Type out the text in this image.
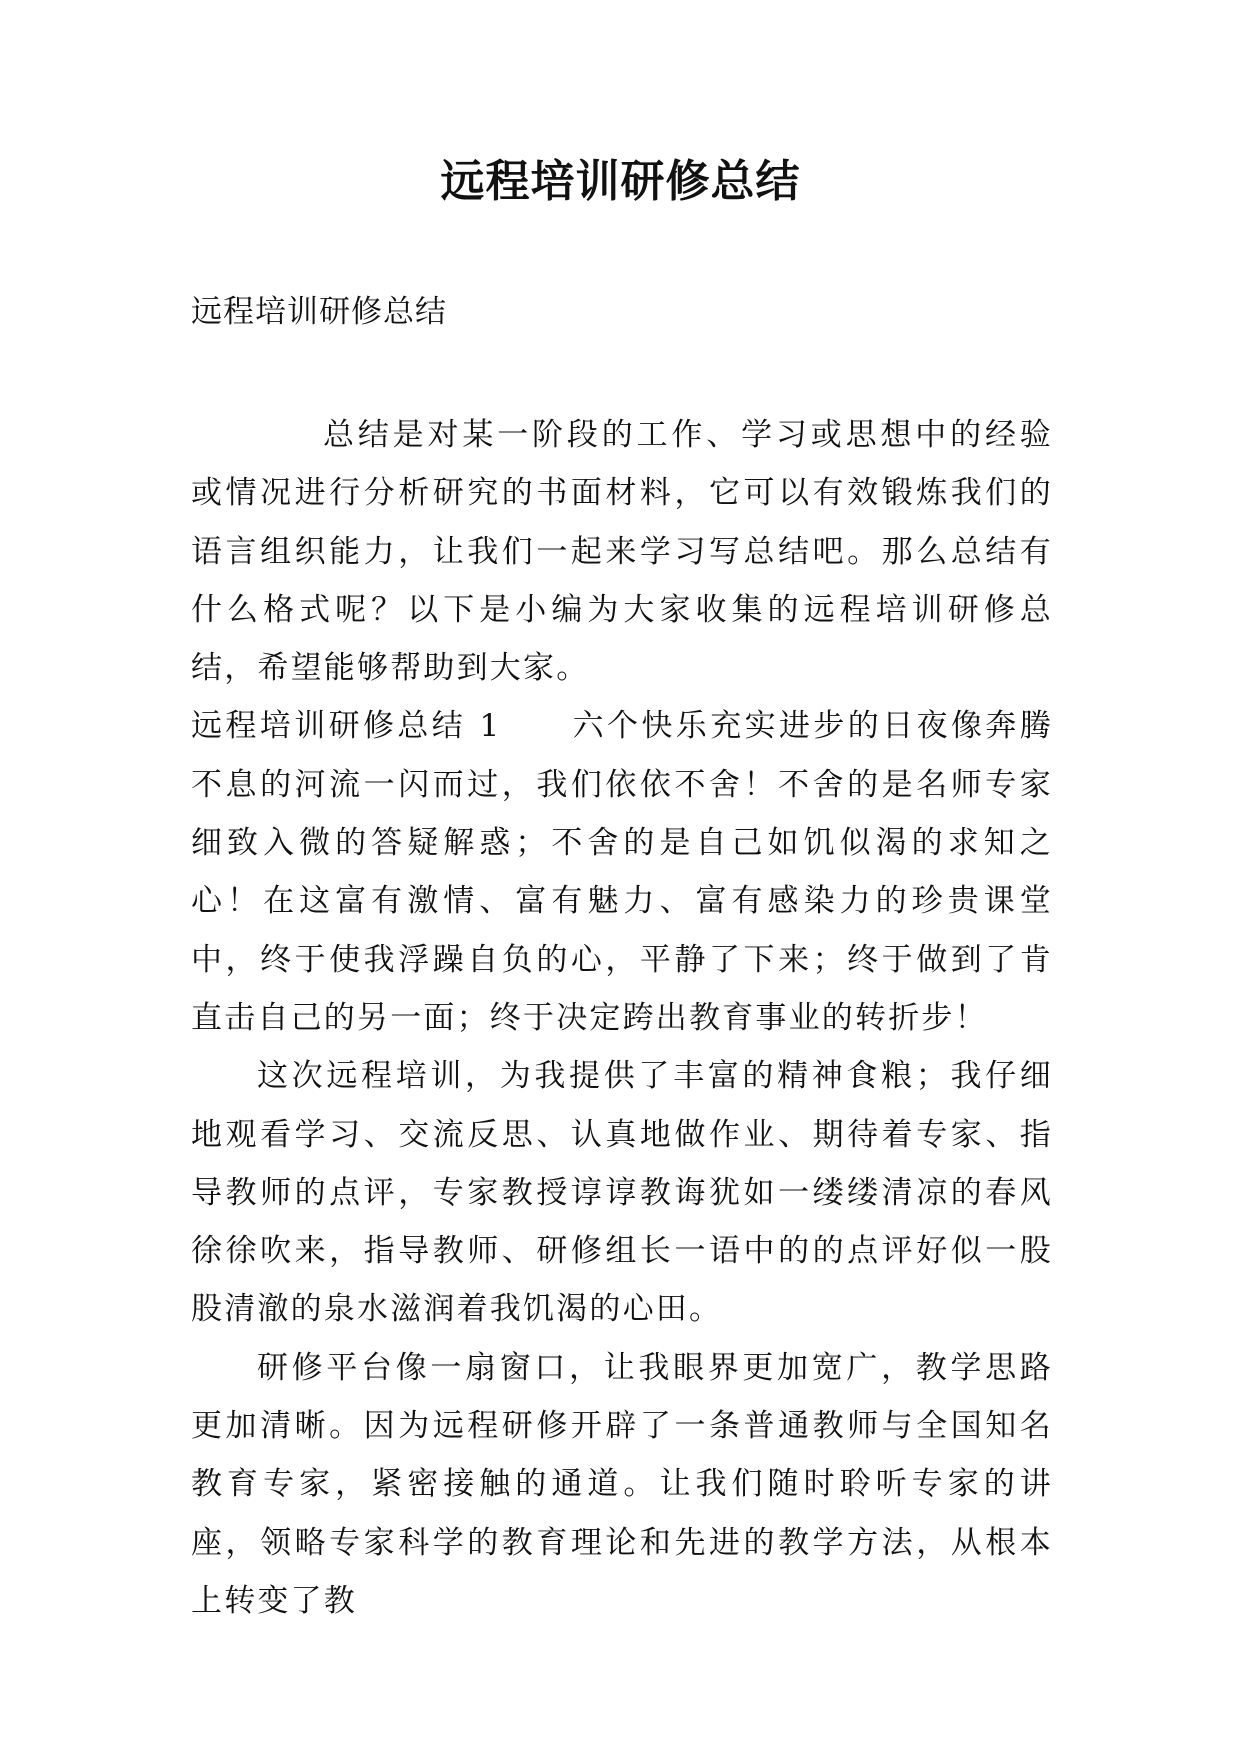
远程培训研修总结

远程培训研修总结

总结是对某一阶段的工作、学习或思想中的经验或情况进行分析研究的书面材料，它可以有效锻炼我们的语言组织能力，让我们一起来学习写总结吧。那么总结有什么格式呢？以下是小编为大家收集的远程培训研修总结，希望能够帮助到大家。

远程培训研修总结 1 六个快乐充实进步的日夜像奔腾不息的河流一闪而过，我们依依不舍！不舍的是名师专家细致入微的答疑解惑；不舍的是自己如饥似渴的求知之心！在这富有激情、富有魅力、富有感染力的珍贵课堂中，终于使我浮躁自负的心，平静了下来；终于做到了肯直击自己的另一面；终于决定跨出教育事业的转折步！

这次远程培训，为我提供了丰富的精神食粮；我仔细地观看学习、交流反思、认真地做作业、期待着专家、指导教师的点评，专家教授谆谆教诲犹如一缕缕清凉的春风徐徐吹来，指导教师、研修组长一语中的的点评好似一股股清澈的泉水滋润着我饥渴的心田。

研修平台像一扇窗口，让我眼界更加宽广，教学思路更加清晰。因为远程研修开辟了一条普通教师与全国知名教育专家，紧密接触的通道。让我们随时聆听专家的讲座，领略专家科学的教育理论和先进的教学方法，从根本上转变了教
